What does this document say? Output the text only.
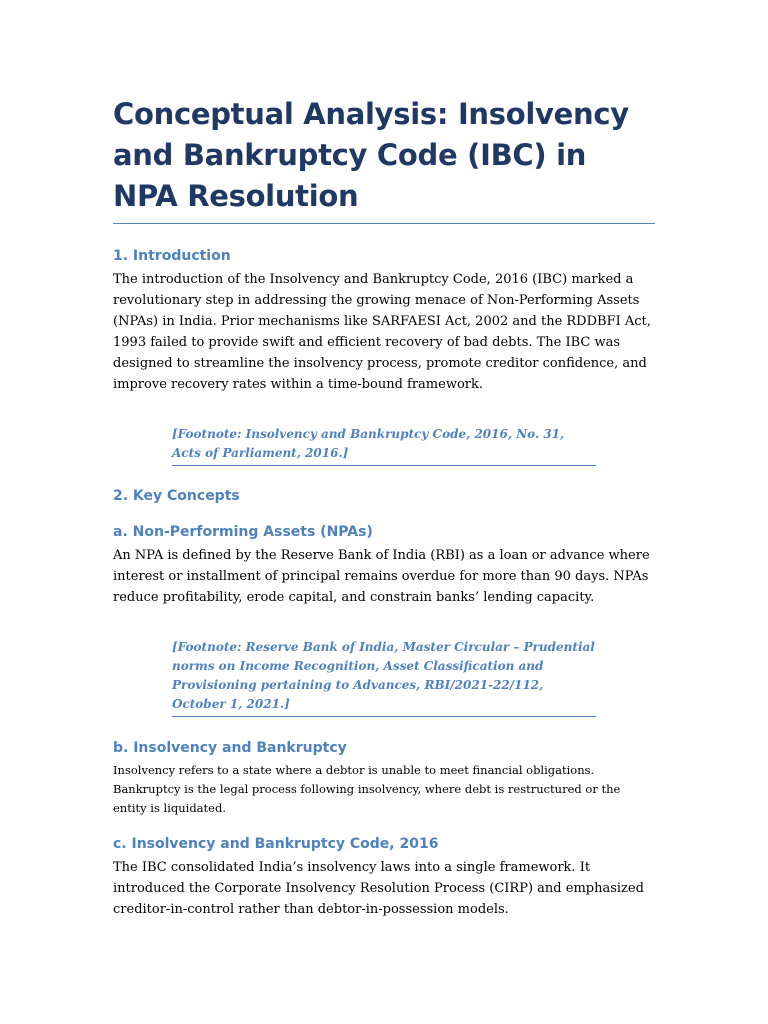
Conceptual Analysis: Insolvency and Bankruptcy Code (IBC) in NPA Resolution
1. Introduction

The introduction of the Insolvency and Bankruptcy Code, 2016 (IBC) marked a revolutionary step in addressing the growing menace of Non-Performing Assets (NPAs) in India. Prior mechanisms like SARFAESI Act, 2002 and the RDDBFI Act, 1993 failed to provide swift and efficient recovery of bad debts. The IBC was designed to streamline the insolvency process, promote creditor confidence, and improve recovery rates within a time-bound framework.

[Footnote: Insolvency and Bankruptcy Code, 2016, No. 31, Acts of Parliament, 2016.]

2. Key Concepts
a. Non-Performing Assets (NPAs)

An NPA is defined by the Reserve Bank of India (RBI) as a loan or advance where interest or installment of principal remains overdue for more than 90 days. NPAs reduce profitability, erode capital, and constrain banks’ lending capacity.

[Footnote: Reserve Bank of India, Master Circular – Prudential norms on Income Recognition, Asset Classification and Provisioning pertaining to Advances, RBI/2021-22/112, October 1, 2021.]

b. Insolvency and Bankruptcy

Insolvency refers to a state where a debtor is unable to meet financial obligations. Bankruptcy is the legal process following insolvency, where debt is restructured or the entity is liquidated.

c. Insolvency and Bankruptcy Code, 2016

The IBC consolidated India’s insolvency laws into a single framework. It introduced the Corporate Insolvency Resolution Process (CIRP) and emphasized creditor-in-control rather than debtor-in-possession models.
